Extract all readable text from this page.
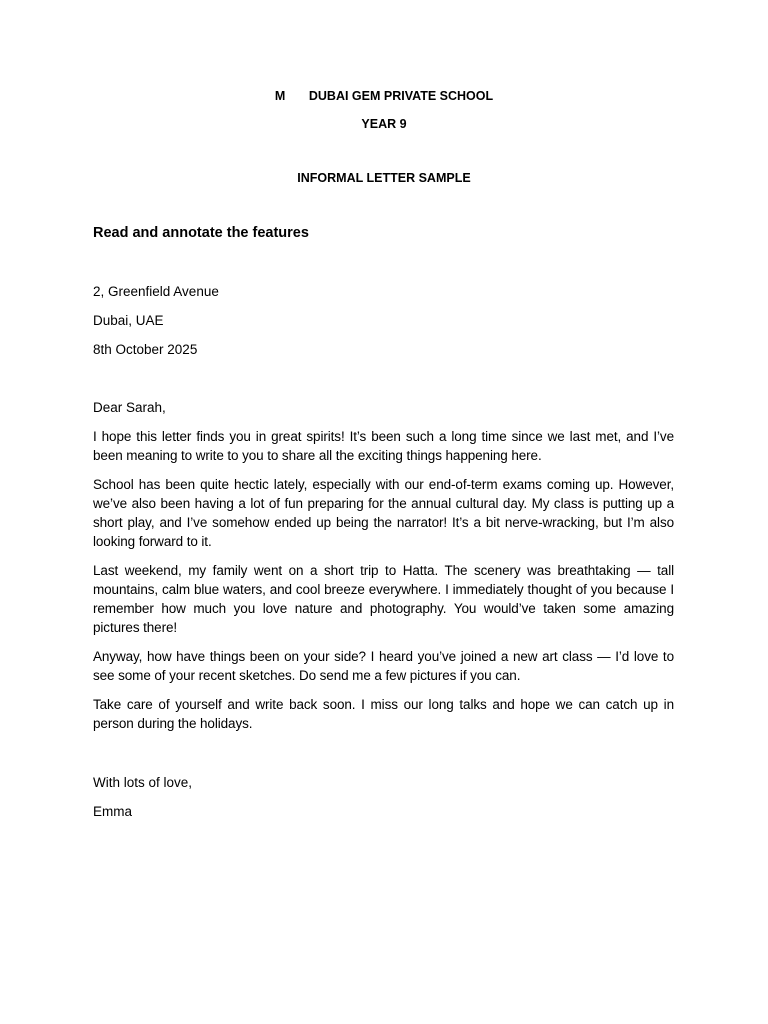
M DUBAI GEM PRIVATE SCHOOL
YEAR 9
INFORMAL LETTER SAMPLE
Read and annotate the features
2, Greenfield Avenue
Dubai, UAE
8th October 2025
Dear Sarah,

I hope this letter finds you in great spirits! It’s been such a long time since we last met, and I’ve been meaning to write to you to share all the exciting things happening here.

School has been quite hectic lately, especially with our end-of-term exams coming up. However, we’ve also been having a lot of fun preparing for the annual cultural day. My class is putting up a short play, and I’ve somehow ended up being the narrator! It’s a bit nerve-wracking, but I’m also looking forward to it.

Last weekend, my family went on a short trip to Hatta. The scenery was breathtaking — tall mountains, calm blue waters, and cool breeze everywhere. I immediately thought of you because I remember how much you love nature and photography. You would’ve taken some amazing pictures there!

Anyway, how have things been on your side? I heard you’ve joined a new art class — I’d love to see some of your recent sketches. Do send me a few pictures if you can.

Take care of yourself and write back soon. I miss our long talks and hope we can catch up in person during the holidays.

With lots of love,
Emma
